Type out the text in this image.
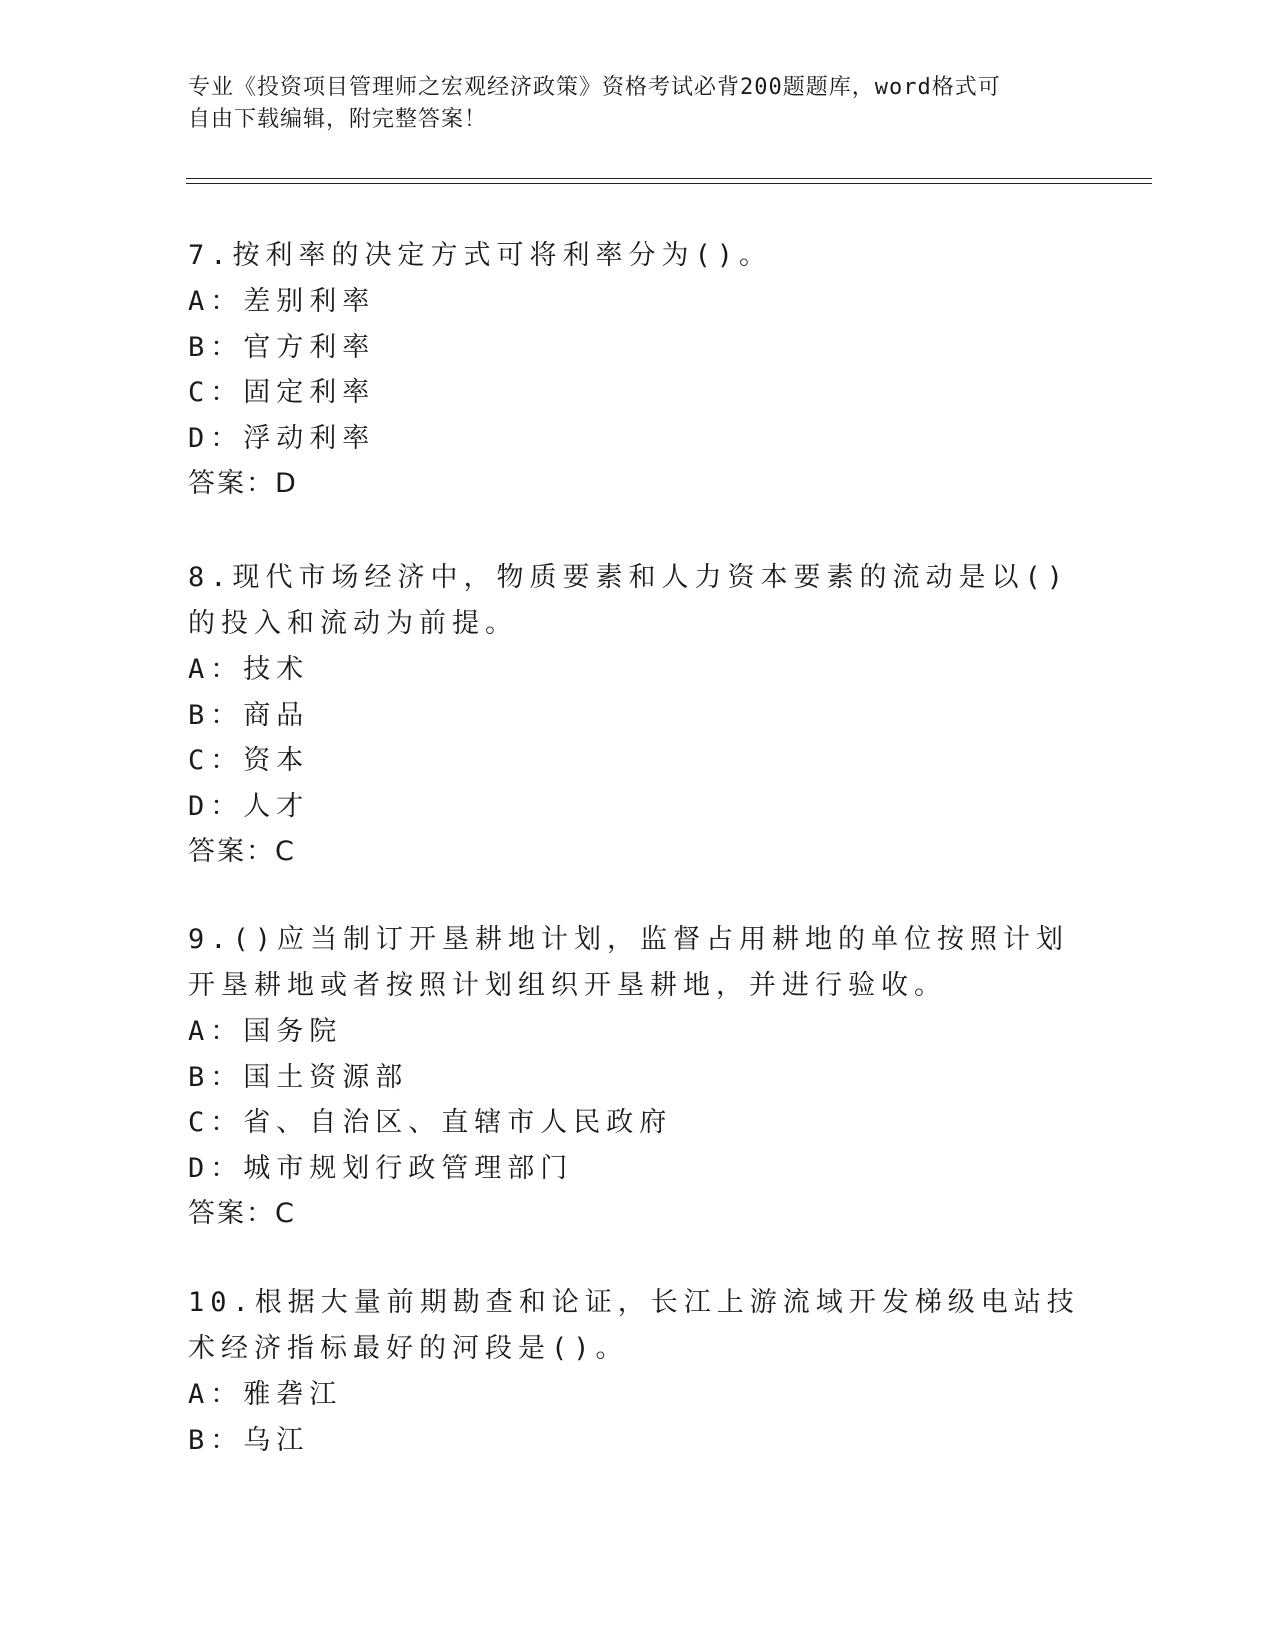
专业《投资项目管理师之宏观经济政策》资格考试必背200题题库，word格式可
自由下载编辑，附完整答案！

7.按利率的决定方式可将利率分为()。

A：差别利率

B：官方利率

C：固定利率

D：浮动利率

答案：D

8.现代市场经济中，物质要素和人力资本要素的流动是以()的投入和流动为前提。

A：技术

B：商品

C：资本

D：人才

答案：C

9.()应当制订开垦耕地计划，监督占用耕地的单位按照计划开垦耕地或者按照计划组织开垦耕地，并进行验收。

A：国务院

B：国土资源部

C：省、自治区、直辖市人民政府

D：城市规划行政管理部门

答案：C

10.根据大量前期勘查和论证，长江上游流域开发梯级电站技术经济指标最好的河段是()。

A：雅砻江

B：乌江
